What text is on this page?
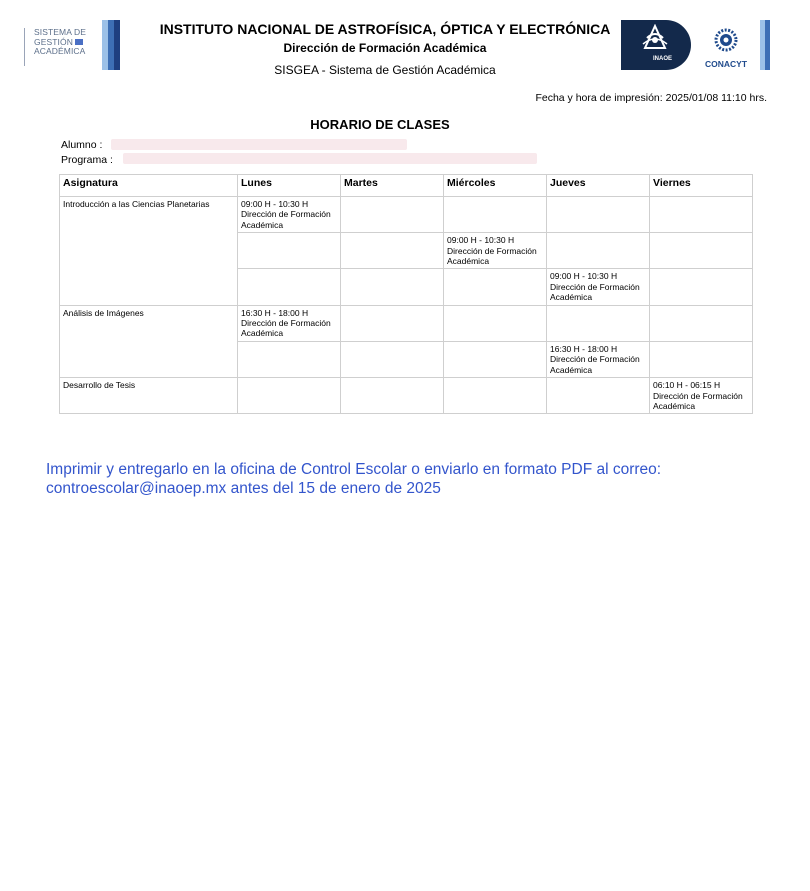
SISTEMA DE
GESTIÓN
ACADÉMICA
INSTITUTO NACIONAL DE ASTROFÍSICA, ÓPTICA Y ELECTRÓNICA
Dirección de Formación Académica
SISGEA - Sistema de Gestión Académica
INAOE	CONACYT
Fecha y hora de impresión: 2025/01/08 11:10 hrs.
HORARIO DE CLASES
Alumno :
Programa :
Asignatura	Lunes	Martes	Miércoles	Jueves	Viernes
Introducción a las Ciencias Planetarias	09:00 H - 10:30 H
Dirección de Formación Académica				

			09:00 H - 10:30 H
Dirección de Formación Académica		

				09:00 H - 10:30 H
Dirección de Formación Académica	

Análisis de Imágenes	16:30 H - 18:00 H
Dirección de Formación Académica				

				16:30 H - 18:00 H
Dirección de Formación Académica	

Desarrollo de Tesis					06:10 H - 06:15 H
Dirección de Formación Académica
Imprimir y entregarlo en la oficina de Control Escolar o enviarlo en formato PDF al correo:
controescolar@inaoep.mx antes del 15 de enero de 2025
